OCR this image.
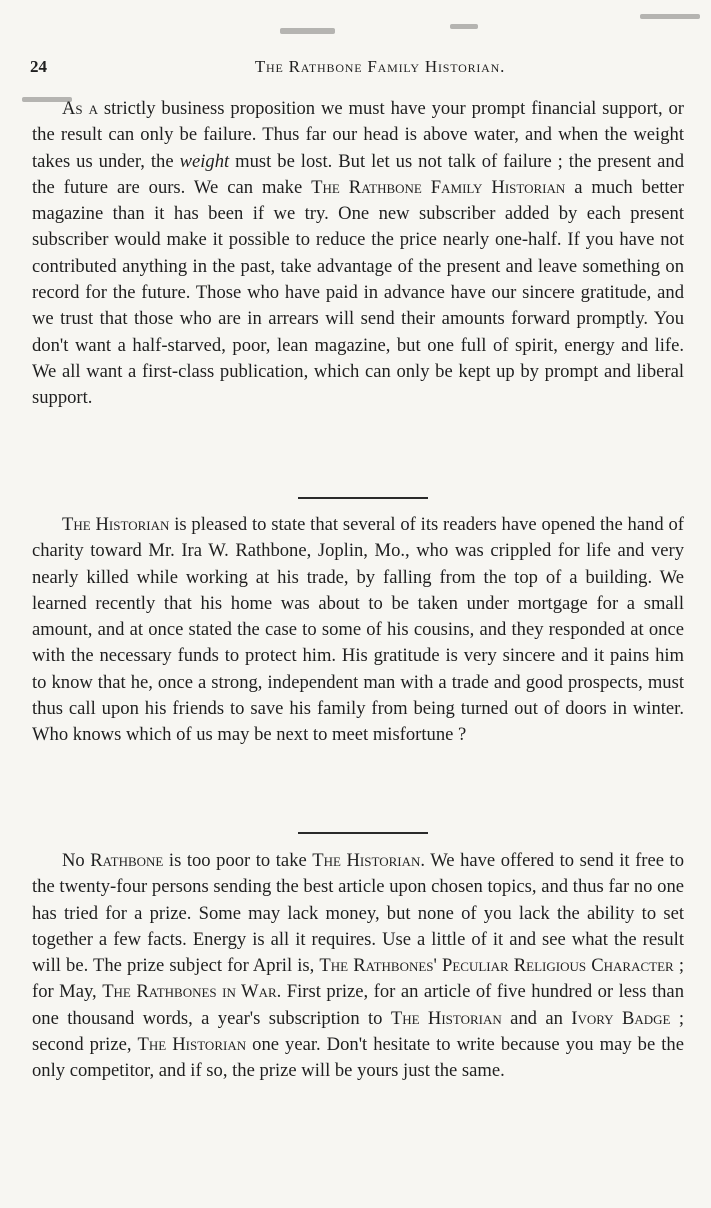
24	The Rathbone Family Historian.

As a strictly business proposition we must have your prompt financial support, or the result can only be failure. Thus far our head is above water, and when the weight takes us under, the weight must be lost. But let us not talk of failure ; the present and the future are ours. We can make The Rathbone Family Historian a much better magazine than it has been if we try. One new subscriber added by each present subscriber would make it possible to reduce the price nearly one-half. If you have not contributed anything in the past, take advantage of the present and leave something on record for the future. Those who have paid in advance have our sincere gratitude, and we trust that those who are in arrears will send their amounts forward promptly. You don't want a half-starved, poor, lean magazine, but one full of spirit, energy and life. We all want a first-class publication, which can only be kept up by prompt and liberal support.

The Historian is pleased to state that several of its readers have opened the hand of charity toward Mr. Ira W. Rathbone, Joplin, Mo., who was crippled for life and very nearly killed while working at his trade, by falling from the top of a building. We learned recently that his home was about to be taken under mortgage for a small amount, and at once stated the case to some of his cousins, and they responded at once with the necessary funds to protect him. His gratitude is very sincere and it pains him to know that he, once a strong, independent man with a trade and good prospects, must thus call upon his friends to save his family from being turned out of doors in winter. Who knows which of us may be next to meet misfortune ?

No Rathbone is too poor to take The Historian. We have offered to send it free to the twenty-four persons sending the best article upon chosen topics, and thus far no one has tried for a prize. Some may lack money, but none of you lack the ability to set together a few facts. Energy is all it requires. Use a little of it and see what the result will be. The prize subject for April is, The Rathbones' Peculiar Religious Character ; for May, The Rathbones in War. First prize, for an article of five hundred or less than one thousand words, a year's subscription to The Historian and an Ivory Badge ; second prize, The Historian one year. Don't hesitate to write because you may be the only competitor, and if so, the prize will be yours just the same.
